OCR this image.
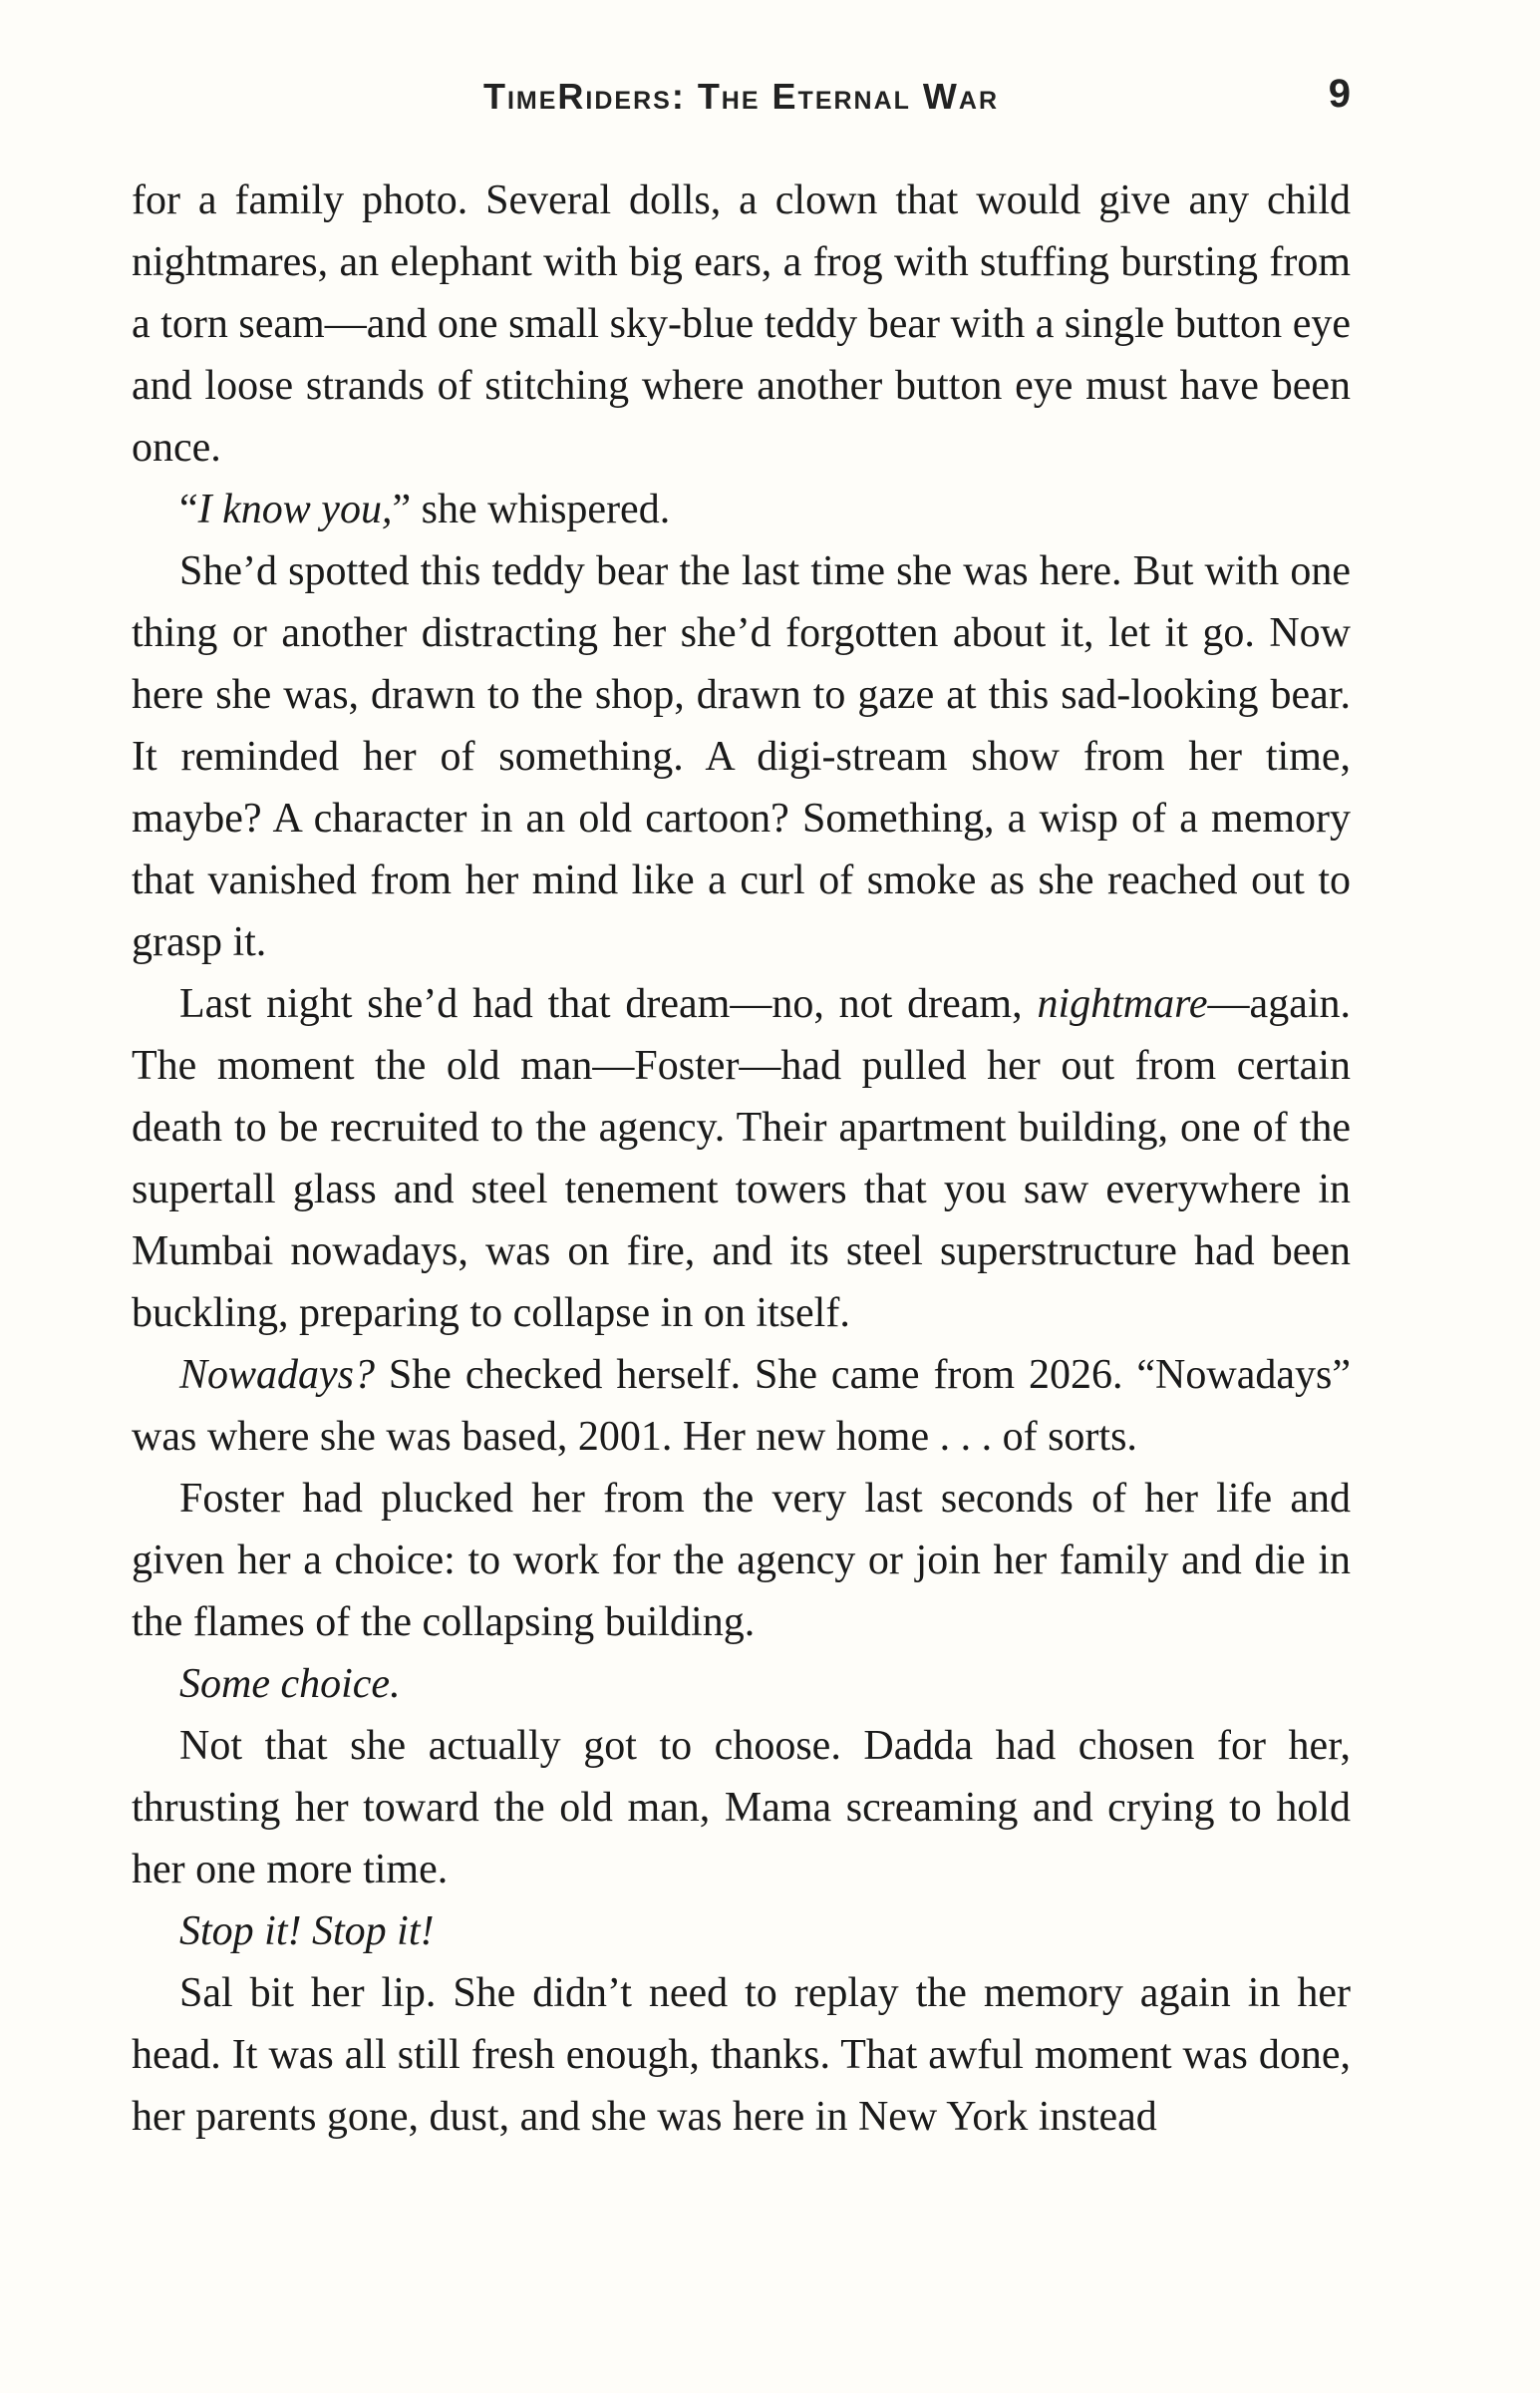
TimeRiders: The Eternal War	9

for a family photo. Several dolls, a clown that would give any child nightmares, an elephant with big ears, a frog with stuffing bursting from a torn seam—and one small sky-blue teddy bear with a single button eye and loose strands of stitching where another button eye must have been once.

“I know you,” she whispered.

She’d spotted this teddy bear the last time she was here. But with one thing or another distracting her she’d forgotten about it, let it go. Now here she was, drawn to the shop, drawn to gaze at this sad-looking bear. It reminded her of something. A digi-stream show from her time, maybe? A character in an old cartoon? Something, a wisp of a memory that vanished from her mind like a curl of smoke as she reached out to grasp it.

Last night she’d had that dream—no, not dream, nightmare—again. The moment the old man—Foster—had pulled her out from certain death to be recruited to the agency. Their apartment building, one of the supertall glass and steel tenement towers that you saw everywhere in Mumbai nowadays, was on fire, and its steel superstructure had been buckling, preparing to collapse in on itself.

Nowadays? She checked herself. She came from 2026. “Nowadays” was where she was based, 2001. Her new home . . . of sorts.

Foster had plucked her from the very last seconds of her life and given her a choice: to work for the agency or join her family and die in the flames of the collapsing building.

Some choice.

Not that she actually got to choose. Dadda had chosen for her, thrusting her toward the old man, Mama screaming and crying to hold her one more time.

Stop it! Stop it!

Sal bit her lip. She didn’t need to replay the memory again in her head. It was all still fresh enough, thanks. That awful moment was done, her parents gone, dust, and she was here in New York instead
